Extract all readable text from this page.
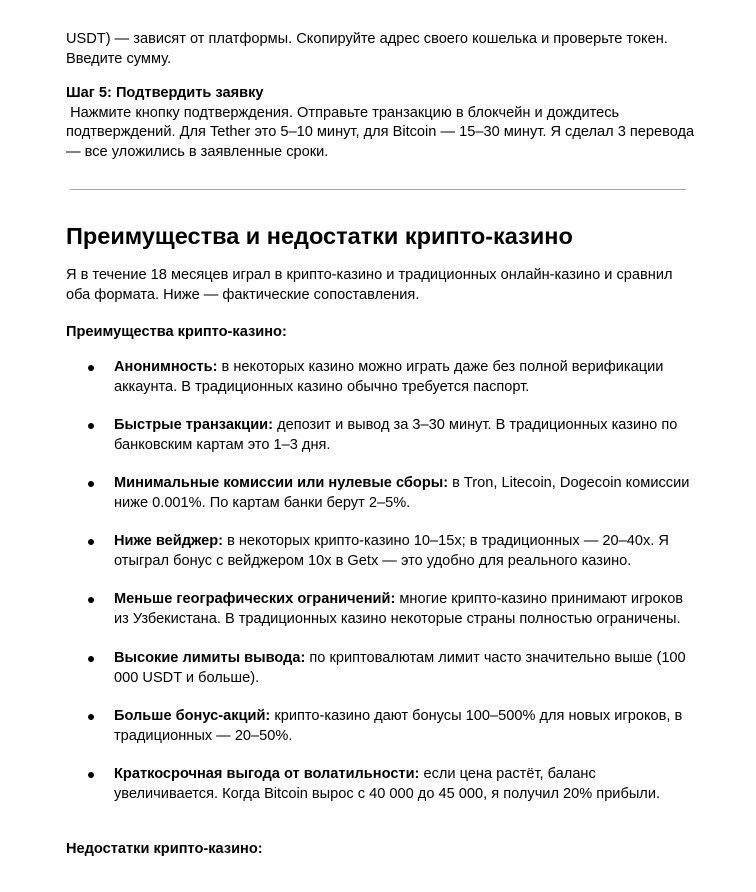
USDT) — зависят от платформы. Скопируйте адрес своего кошелька и проверьте токен. Введите сумму.

Шаг 5: Подтвердить заявку

Нажмите кнопку подтверждения. Отправьте транзакцию в блокчейн и дождитесь подтверждений. Для Tether это 5–10 минут, для Bitcoin — 15–30 минут. Я сделал 3 перевода — все уложились в заявленные сроки.

Преимущества и недостатки крипто-казино

Я в течение 18 месяцев играл в крипто-казино и традиционных онлайн-казино и сравнил оба формата. Ниже — фактические сопоставления.

Преимущества крипто-казино:

Анонимность: в некоторых казино можно играть даже без полной верификации аккаунта. В традиционных казино обычно требуется паспорт.

Быстрые транзакции: депозит и вывод за 3–30 минут. В традиционных казино по банковским картам это 1–3 дня.

Минимальные комиссии или нулевые сборы: в Tron, Litecoin, Dogecoin комиссии ниже 0.001%. По картам банки берут 2–5%.

Ниже вейджер: в некоторых крипто-казино 10–15x; в традиционных — 20–40x. Я отыграл бонус с вейджером 10x в Getx — это удобно для реального казино.

Меньше географических ограничений: многие крипто-казино принимают игроков из Узбекистана. В традиционных казино некоторые страны полностью ограничены.

Высокие лимиты вывода: по криптовалютам лимит часто значительно выше (100 000 USDT и больше).

Больше бонус-акций: крипто-казино дают бонусы 100–500% для новых игроков, в традиционных — 20–50%.

Краткосрочная выгода от волатильности: если цена растёт, баланс увеличивается. Когда Bitcoin вырос с 40 000 до 45 000, я получил 20% прибыли.

Недостатки крипто-казино:
